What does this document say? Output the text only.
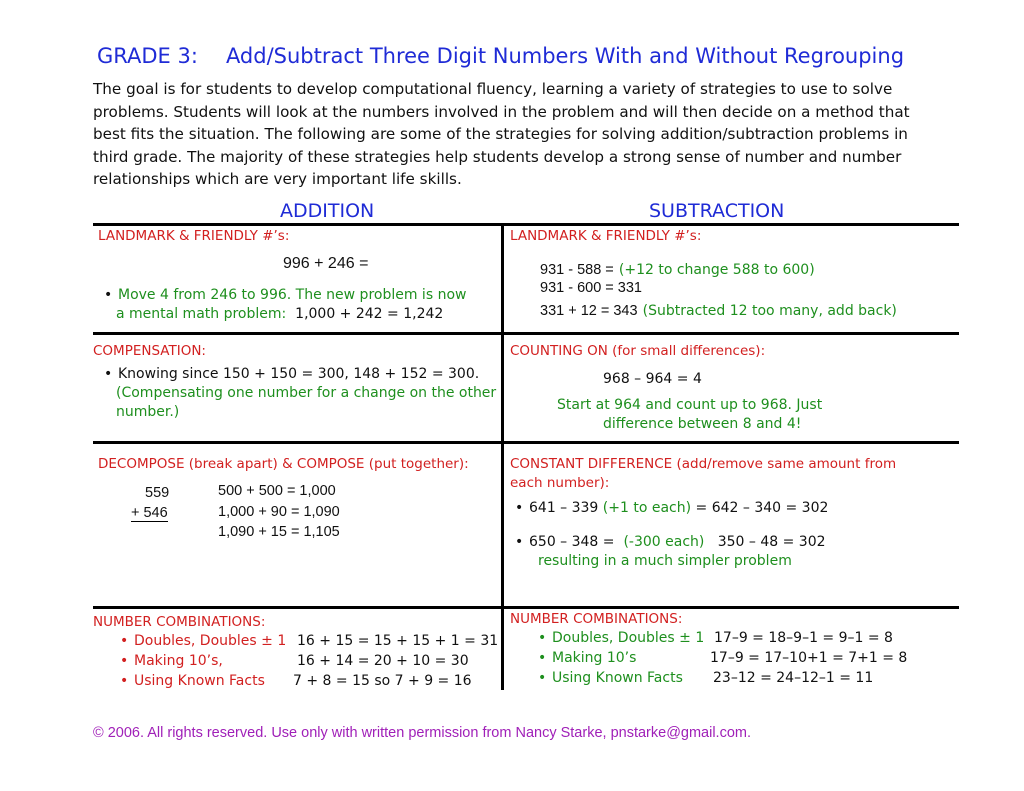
GRADE 3: Add/Subtract Three Digit Numbers With and Without Regrouping
The goal is for students to develop computational fluency, learning a variety of strategies to use to solve problems. Students will look at the numbers involved in the problem and will then decide on a method that best fits the situation. The following are some of the strategies for solving addition/subtraction problems in third grade. The majority of these strategies help students develop a strong sense of number and number relationships which are very important life skills.
ADDITION	SUBTRACTION
LANDMARK & FRIENDLY #’s:
996 + 246 =
• Move 4 from 246 to 996. The new problem is now
a mental math problem: 1,000 + 242 = 1,242
COMPENSATION:
• Knowing since 150 + 150 = 300, 148 + 152 = 300.
(Compensating one number for a change on the other
number.)
DECOMPOSE (break apart) & COMPOSE (put together):
559
+ 546
500 + 500 = 1,000
1,000 + 90 = 1,090
1,090 + 15 = 1,105
NUMBER COMBINATIONS:
• Doubles, Doubles ± 1 16 + 15 = 15 + 15 + 1 = 31
• Making 10’s,	16 + 14 = 20 + 10 = 30
• Using Known Facts 7 + 8 = 15 so 7 + 9 = 16
LANDMARK & FRIENDLY #’s:
931 - 588 = (+12 to change 588 to 600)
931 - 600 = 331
331 + 12 = 343 (Subtracted 12 too many, add back)
COUNTING ON (for small differences):
968 – 964 = 4
Start at 964 and count up to 968. Just
difference between 8 and 4!
CONSTANT DIFFERENCE (add/remove same amount from
each number):
• 641 – 339 (+1 to each) = 642 – 340 = 302
• 650 – 348 = (-300 each) 350 – 48 = 302
resulting in a much simpler problem
NUMBER COMBINATIONS:
• Doubles, Doubles ± 1 17–9 = 18–9–1 = 9–1 = 8
• Making 10’s	17–9 = 17–10+1 = 7+1 = 8
• Using Known Facts 23–12 = 24–12–1 = 11
© 2006. All rights reserved. Use only with written permission from Nancy Starke, pnstarke@gmail.com.
